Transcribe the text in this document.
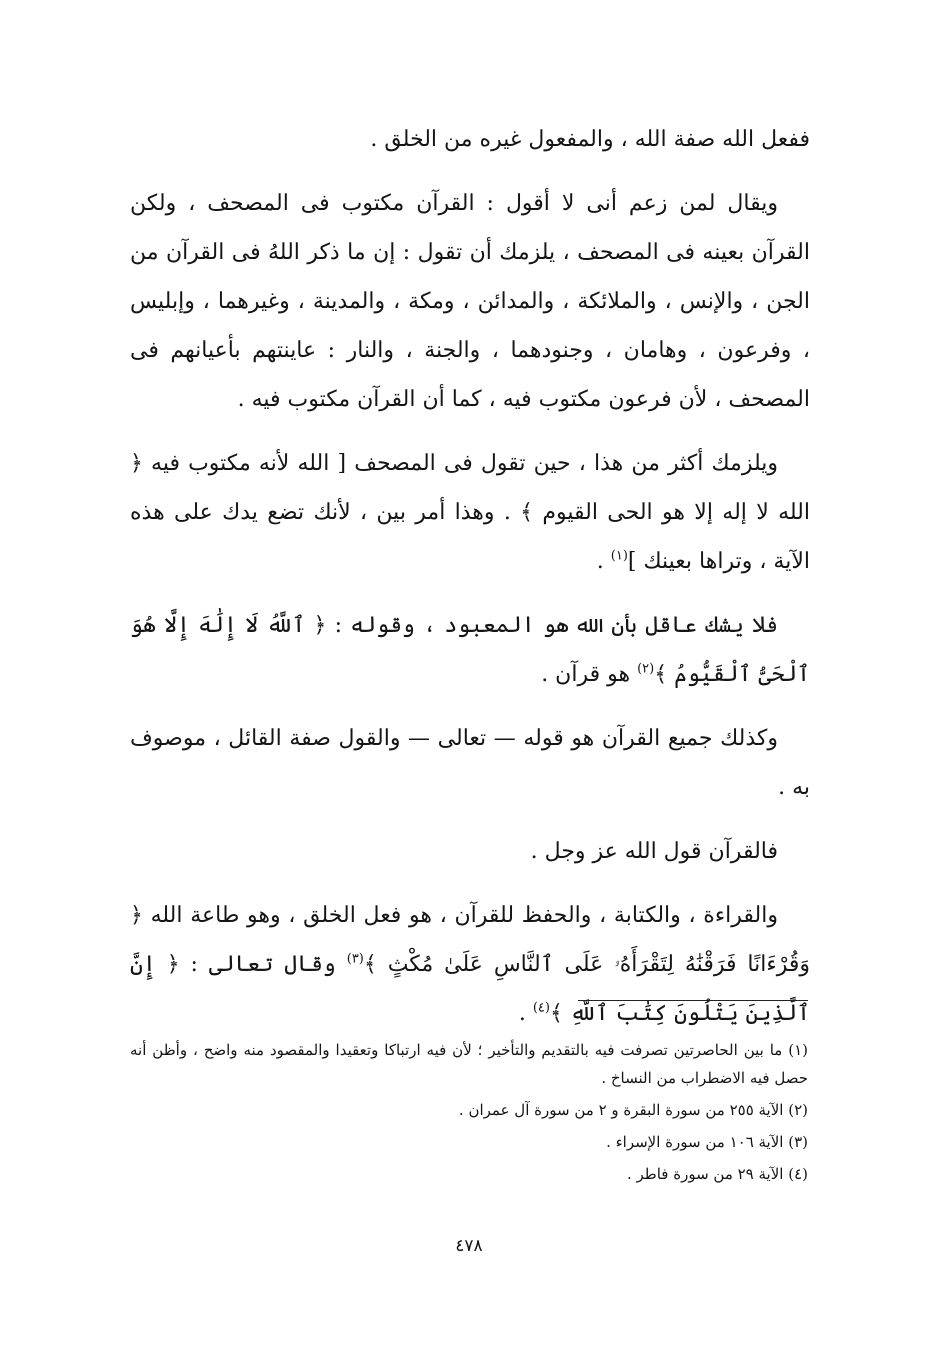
ففعل الله صفة الله ، والمفعول غيره من الخلق .

ويقال لمن زعم أنى لا أقول : القرآن مكتوب فى المصحف ، ولكن القرآن بعينه فى المصحف ، يلزمك أن تقول : إن ما ذكر اللهُ فى القرآن من الجن ، والإنس ، والملائكة ، والمدائن ، ومكة ، والمدينة ، وغيرهما ، وإبليس ، وفرعون ، وهامان ، وجنودهما ، والجنة ، والنار : عاينتهم بأعيانهم فى المصحف ، لأن فرعون مكتوب فيه ، كما أن القرآن مكتوب فيه .

ويلزمك أكثر من هذا ، حين تقول فى المصحف [ الله لأنه مكتوب فيه ﴿ الله لا إله إلا هو الحى القيوم ﴾ . وهذا أمر بين ، لأنك تضع يدك على هذه الآية ، وتراها بعينك ]$^{(١)}$ .

فلا يشك عاقل بأن الله هو المعبود ، وقوله : ﴿ ٱللَّهُ لَا إِلَٰهَ إِلَّا هُوَ ٱلْحَىُّ ٱلْقَيُّومُ ﴾$^{(٢)}$ هو قرآن .

وكذلك جميع القرآن هو قوله — تعالى — والقول صفة القائل ، موصوف به .

فالقرآن قول الله عز وجل .

والقراءة ، والكتابة ، والحفظ للقرآن ، هو فعل الخلق ، وهو طاعة الله ﴿ وَقُرْءَانًا فَرَقْنَٰهُ لِتَقْرَأَهُۥ عَلَى ٱلنَّاسِ عَلَىٰ مُكْثٍ ﴾$^{(٣)}$ وقال تعالى : ﴿ إِنَّ ٱلَّذِينَ يَتْلُونَ كِتَٰبَ ٱللَّهِ ﴾$^{(٤)}$ .

(١) ما بين الحاصرتين تصرفت فيه بالتقديم والتأخير ؛ لأن فيه ارتباكا وتعقيدا والمقصود منه واضح ، وأظن أنه حصل فيه الاضطراب من النساخ .
(٢) الآية ٢٥٥ من سورة البقرة و ٢ من سورة آل عمران .
(٣) الآية ١٠٦ من سورة الإسراء .
(٤) الآية ٢٩ من سورة فاطر .
٤٧٨
